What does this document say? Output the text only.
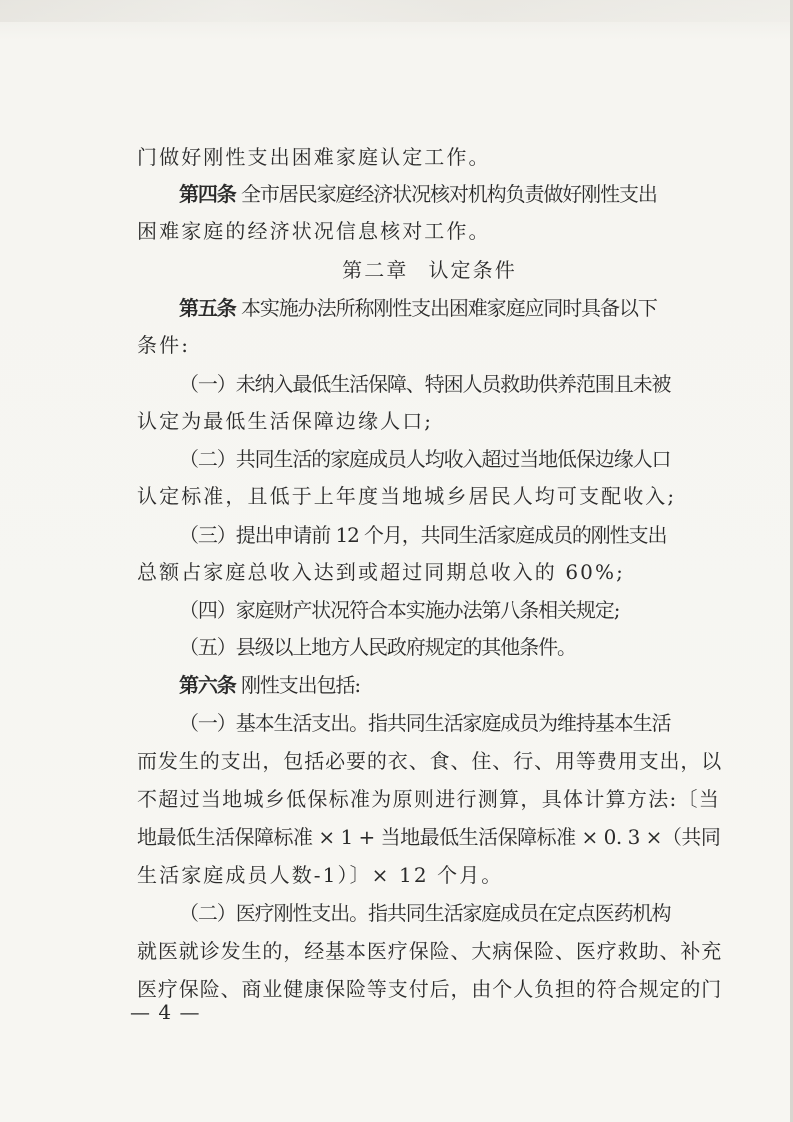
门做好刚性支出困难家庭认定工作。
第四条 全市居民家庭经济状况核对机构负责做好刚性支出
困难家庭的经济状况信息核对工作。
第二章 认定条件
第五条 本实施办法所称刚性支出困难家庭应同时具备以下
条件:
（一）未纳入最低生活保障、特困人员救助供养范围且未被
认定为最低生活保障边缘人口;
（二）共同生活的家庭成员人均收入超过当地低保边缘人口
认定标准，且低于上年度当地城乡居民人均可支配收入;
（三）提出申请前 12 个月，共同生活家庭成员的刚性支出
总额占家庭总收入达到或超过同期总收入的 60%;
（四）家庭财产状况符合本实施办法第八条相关规定;
（五）县级以上地方人民政府规定的其他条件。
第六条 刚性支出包括:
（一）基本生活支出。指共同生活家庭成员为维持基本生活
而发生的支出，包括必要的衣、食、住、行、用等费用支出，以
不超过当地城乡低保标准为原则进行测算，具体计算方法:〔当
地最低生活保障标准 × 1 + 当地最低生活保障标准 × 0. 3 ×（共同
生活家庭成员人数-1）〕× 12 个月。
（二）医疗刚性支出。指共同生活家庭成员在定点医药机构
就医就诊发生的，经基本医疗保险、大病保险、医疗救助、补充
医疗保险、商业健康保险等支付后，由个人负担的符合规定的门
— 4 —
